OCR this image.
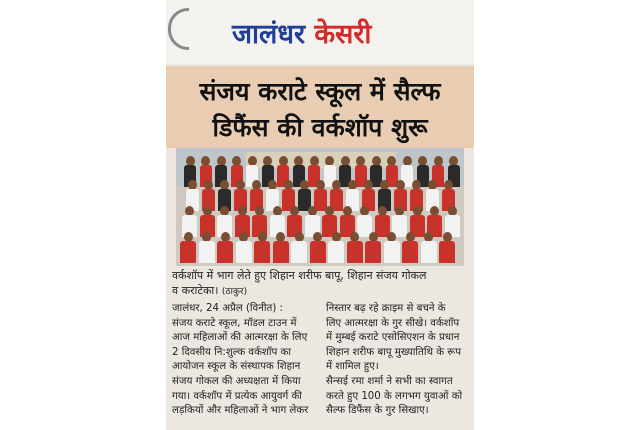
जालंधर केसरी
संजय कराटे स्कूल में सैल्फ
डिफैंस की वर्कशॉप शुरू
वर्कशॉप में भाग लेते हुए शिहान शरीफ बापू, शिहान संजय गोकल
व कराटेका। (ठाकुर)
जालंधर, 24 अप्रैल (विनीत) :
संजय कराटे स्कूल, मॉडल टाउन में
आज महिलाओं की आत्मरक्षा के लिए
2 दिवसीय नि:शुल्क वर्कशॉप का
आयोजन स्कूल के संस्थापक शिहान
संजय गोकल की अध्यक्षता में किया
गया। वर्कशॉप में प्रत्येक आयुवर्ग की
लड़कियों और महिलाओं ने भाग लेकर
निस्तार बढ़ रहे क्राइम से बचने के
लिए आत्मरक्षा के गुर सीखे। वर्कशॉप
में मुम्बई कराटे एसोसिएशन के प्रधान
शिहान शरीफ बापू मुख्यातिथि के रूप
में शामिल हुए।
सैन्सई रमा शर्मा ने सभी का स्वागत
करते हुए 100 के लगभग युवाओं को
सैल्फ डिफैंस के गुर सिखाए।
